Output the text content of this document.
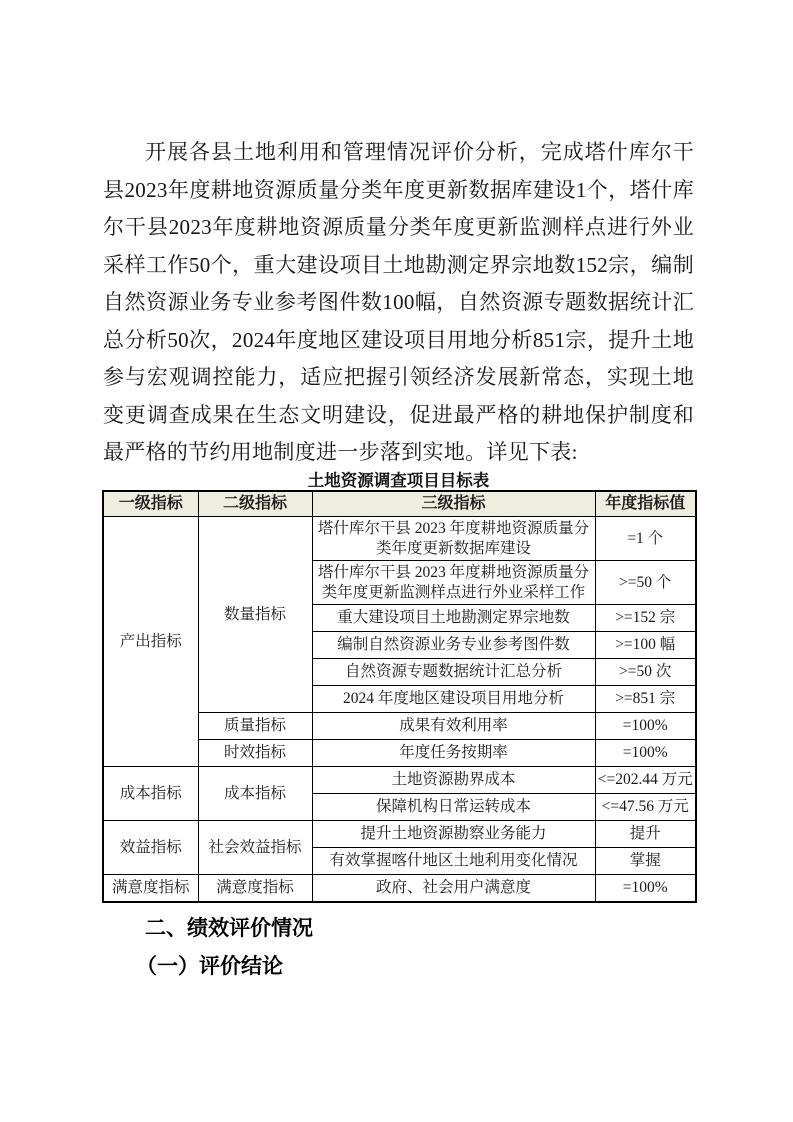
开展各县土地利用和管理情况评价分析，完成塔什库尔干县2023年度耕地资源质量分类年度更新数据库建设1个，塔什库尔干县2023年度耕地资源质量分类年度更新监测样点进行外业采样工作50个，重大建设项目土地勘测定界宗地数152宗，编制自然资源业务专业参考图件数100幅，自然资源专题数据统计汇总分析50次，2024年度地区建设项目用地分析851宗，提升土地参与宏观调控能力，适应把握引领经济发展新常态，实现土地变更调查成果在生态文明建设，促进最严格的耕地保护制度和最严格的节约用地制度进一步落到实地。详见下表:

土地资源调查项目目标表
一级指标	二级指标	三级指标	年度指标值
产出指标	数量指标	塔什库尔干县 2023 年度耕地资源质量分类年度更新数据库建设	=1 个
		塔什库尔干县 2023 年度耕地资源质量分类年度更新监测样点进行外业采样工作	>=50 个
		重大建设项目土地勘测定界宗地数	>=152 宗
		编制自然资源业务专业参考图件数	>=100 幅
		自然资源专题数据统计汇总分析	>=50 次
		2024 年度地区建设项目用地分析	>=851 宗
	质量指标	成果有效利用率	=100%
	时效指标	年度任务按期率	=100%
成本指标	成本指标	土地资源勘界成本	<=202.44 万元
		保障机构日常运转成本	<=47.56 万元
效益指标	社会效益指标	提升土地资源勘察业务能力	提升
		有效掌握喀什地区土地利用变化情况	掌握
满意度指标	满意度指标	政府、社会用户满意度	=100%
二、绩效评价情况
（一）评价结论
